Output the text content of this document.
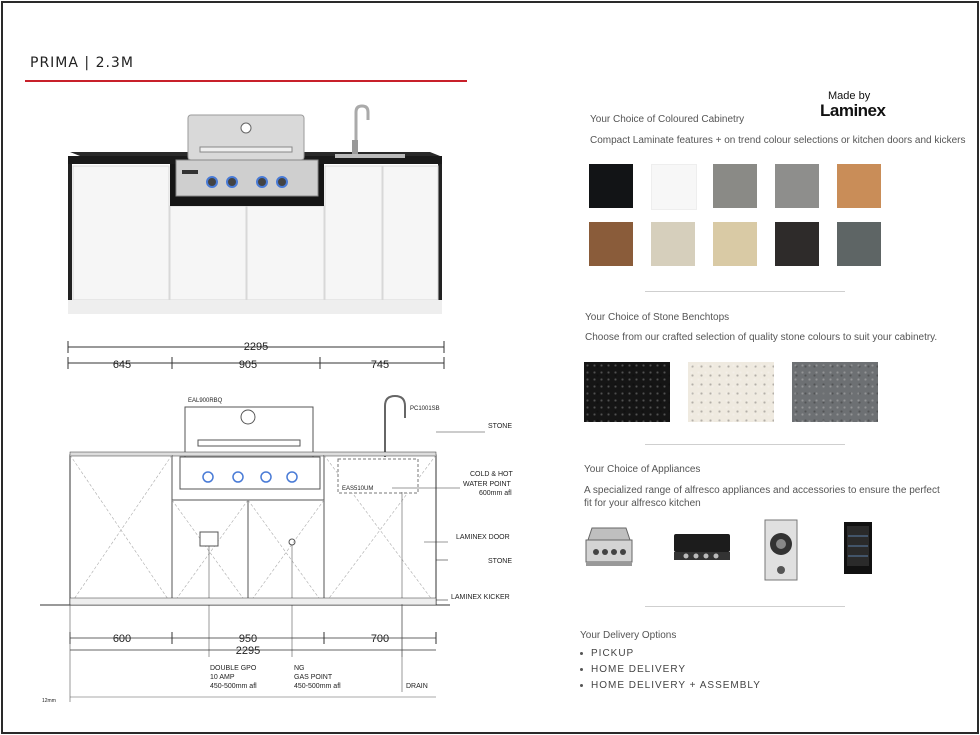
PRIMA | 2.3M
Made by
Laminex
2295
645	905	745
EAL900RBQ
PC1001SB
EAS510UM
STONE
COLD & HOT
WATER POINT
600mm afl
LAMINEX DOOR
STONE
LAMINEX KICKER
600	950	700
2295
DOUBLE GPO
10 AMP
450-500mm afl
NG
GAS POINT
450-500mm afl	DRAIN
12mm
Your Choice of Coloured Cabinetry
Compact Laminate features + on trend colour selections or kitchen doors and kickers
Your Choice of Stone Benchtops
Choose from our crafted selection of quality stone colours to suit your cabinetry.
Your Choice of Appliances
A specialized range of alfresco appliances and accessories to ensure the perfect
fit for your alfresco kitchen
Your Delivery Options
PICKUP
HOME DELIVERY
HOME DELIVERY + ASSEMBLY
